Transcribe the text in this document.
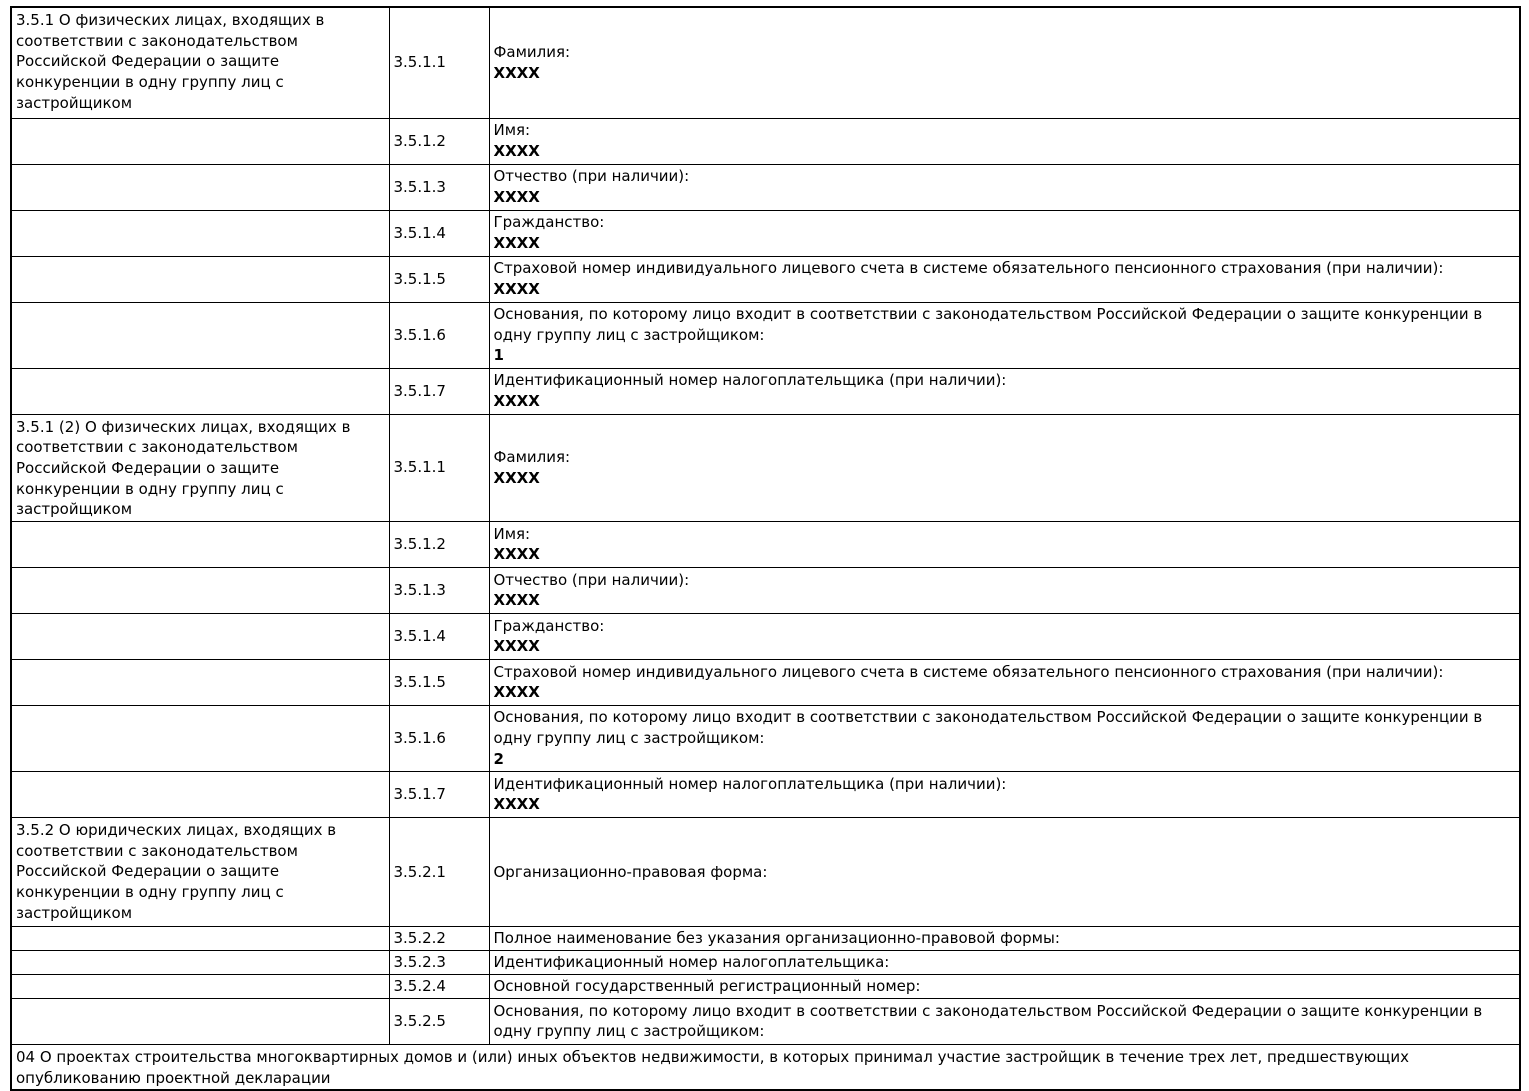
3.5.1 О физических лицах, входящих в соответствии с законодательством Российской Федерации о защите конкуренции в одну группу лиц с застройщиком	3.5.1.1	Фамилия:
XXXX

	3.5.1.2	Имя:
XXXX

	3.5.1.3	Отчество (при наличии):
XXXX

	3.5.1.4	Гражданство:
XXXX

	3.5.1.5	Страховой номер индивидуального лицевого счета в системе обязательного пенсионного страхования (при наличии):
XXXX

	3.5.1.6	Основания, по которому лицо входит в соответствии с законодательством Российской Федерации о защите конкуренции в одну группу лиц с застройщиком:
1

	3.5.1.7	Идентификационный номер налогоплательщика (при наличии):
XXXX

3.5.1 (2) О физических лицах, входящих в соответствии с законодательством Российской Федерации о защите конкуренции в одну группу лиц с застройщиком	3.5.1.1	Фамилия:
XXXX

	3.5.1.2	Имя:
XXXX

	3.5.1.3	Отчество (при наличии):
XXXX

	3.5.1.4	Гражданство:
XXXX

	3.5.1.5	Страховой номер индивидуального лицевого счета в системе обязательного пенсионного страхования (при наличии):
XXXX

	3.5.1.6	Основания, по которому лицо входит в соответствии с законодательством Российской Федерации о защите конкуренции в одну группу лиц с застройщиком:
2

	3.5.1.7	Идентификационный номер налогоплательщика (при наличии):
XXXX

3.5.2 О юридических лицах, входящих в соответствии с законодательством Российской Федерации о защите конкуренции в одну группу лиц с застройщиком	3.5.2.1	Организационно-правовая форма:

	3.5.2.2	Полное наименование без указания организационно-правовой формы:

	3.5.2.3	Идентификационный номер налогоплательщика:

	3.5.2.4	Основной государственный регистрационный номер:

	3.5.2.5	Основания, по которому лицо входит в соответствии с законодательством Российской Федерации о защите конкуренции в одну группу лиц с застройщиком:

04 О проектах строительства многоквартирных домов и (или) иных объектов недвижимости, в которых принимал участие застройщик в течение трех лет, предшествующих опубликованию проектной декларации		
